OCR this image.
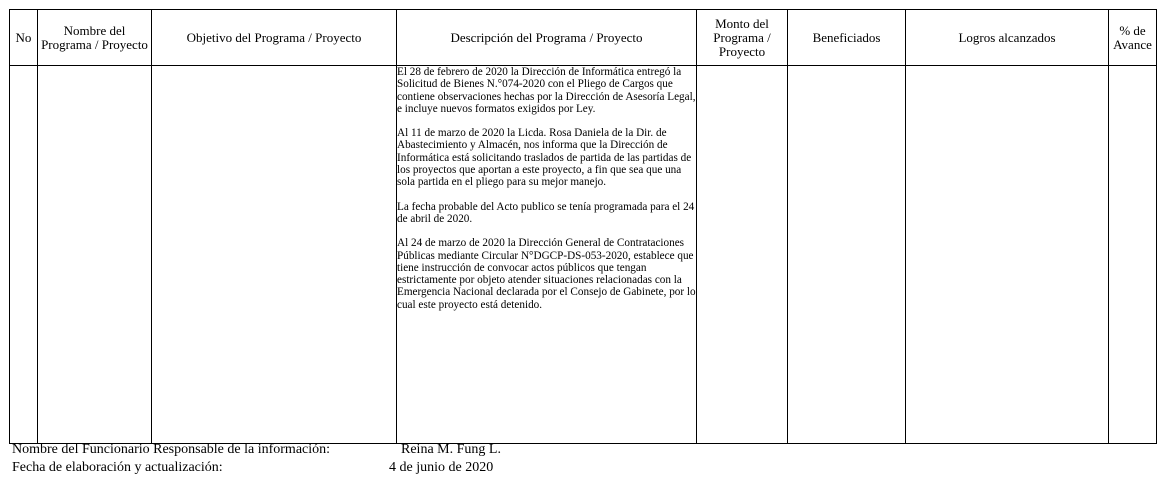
No	Nombre del Programa / Proyecto	Objetivo del Programa / Proyecto	Descripción del Programa / Proyecto	Monto del Programa / Proyecto	Beneficiados	Logros alcanzados	% de Avance

			El 28 de febrero de 2020 la Dirección de Informática entregó la Solicitud de Bienes N.°074-2020 con el Pliego de Cargos que contiene observaciones hechas por la Dirección de Asesoría Legal, e incluye nuevos formatos exigidos por Ley.

Al 11 de marzo de 2020 la Licda. Rosa Daniela de la Dir. de Abastecimiento y Almacén, nos informa que la Dirección de Informática está solicitando traslados de partida de las partidas de los proyectos que aportan a este proyecto, a fin que sea que una sola partida en el pliego para su mejor manejo.

La fecha probable del Acto publico se tenía programada para el 24 de abril de 2020.

Al 24 de marzo de 2020 la Dirección General de Contrataciones Públicas mediante Circular N°DGCP-DS-053-2020, establece que tiene instrucción de convocar actos públicos que tengan estrictamente por objeto atender situaciones relacionadas con la Emergencia Nacional declarada por el Consejo de Gabinete, por lo cual este proyecto está detenido.				

Nombre del Funcionario Responsable de la información:	Reina M. Fung L.
Fecha de elaboración y actualización:	4 de junio de 2020
